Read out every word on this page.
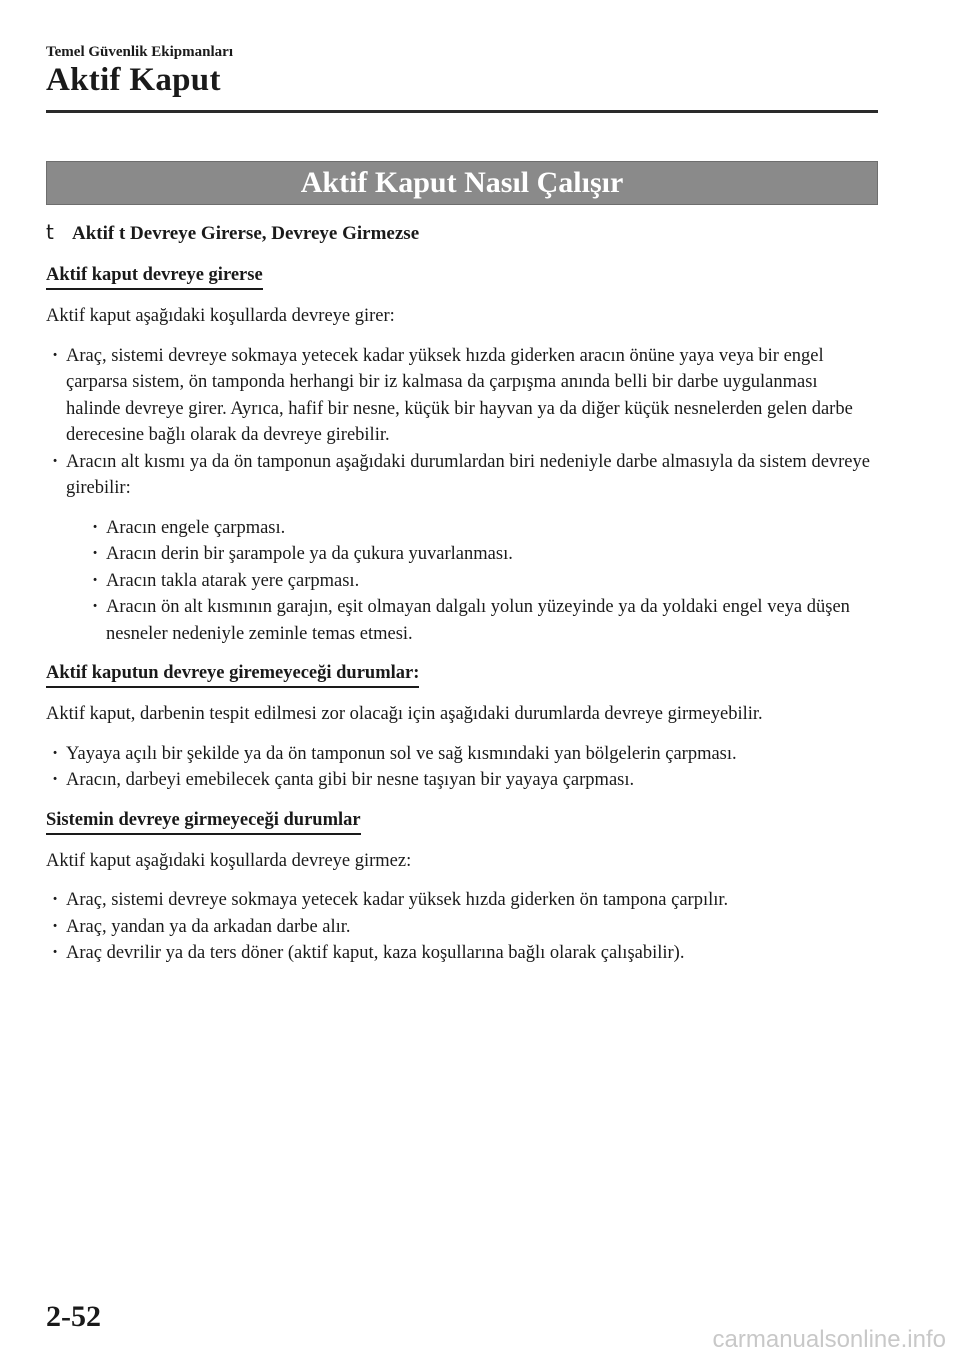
Temel Güvenlik Ekipmanları
Aktif Kaput
Aktif Kaput Nasıl Çalışır
t Aktif t Devreye Girerse, Devreye Girmezse
Aktif kaput devreye girerse

Aktif kaput aşağıdaki koşullarda devreye girer:

· Araç, sistemi devreye sokmaya yetecek kadar yüksek hızda giderken aracın önüne yaya veya bir engel çarparsa sistem, ön tamponda herhangi bir iz kalmasa da çarpışma anında belli bir darbe uygulanması halinde devreye girer. Ayrıca, hafif bir nesne, küçük bir hayvan ya da diğer küçük nesnelerden gelen darbe derecesine bağlı olarak da devreye girebilir.
· Aracın alt kısmı ya da ön tamponun aşağıdaki durumlardan biri nedeniyle darbe almasıyla da sistem devreye girebilir:
· Aracın engele çarpması.
· Aracın derin bir şarampole ya da çukura yuvarlanması.
· Aracın takla atarak yere çarpması.
· Aracın ön alt kısmının garajın, eşit olmayan dalgalı yolun yüzeyinde ya da yoldaki engel veya düşen nesneler nedeniyle zeminle temas etmesi.
Aktif kaputun devreye giremeyeceği durumlar:

Aktif kaput, darbenin tespit edilmesi zor olacağı için aşağıdaki durumlarda devreye girmeyebilir.

· Yayaya açılı bir şekilde ya da ön tamponun sol ve sağ kısmındaki yan bölgelerin çarpması.
· Aracın, darbeyi emebilecek çanta gibi bir nesne taşıyan bir yayaya çarpması.
Sistemin devreye girmeyeceği durumlar

Aktif kaput aşağıdaki koşullarda devreye girmez:

· Araç, sistemi devreye sokmaya yetecek kadar yüksek hızda giderken ön tampona çarpılır.
· Araç, yandan ya da arkadan darbe alır.
· Araç devrilir ya da ters döner (aktif kaput, kaza koşullarına bağlı olarak çalışabilir).
2-52
carmanualsonline.info
